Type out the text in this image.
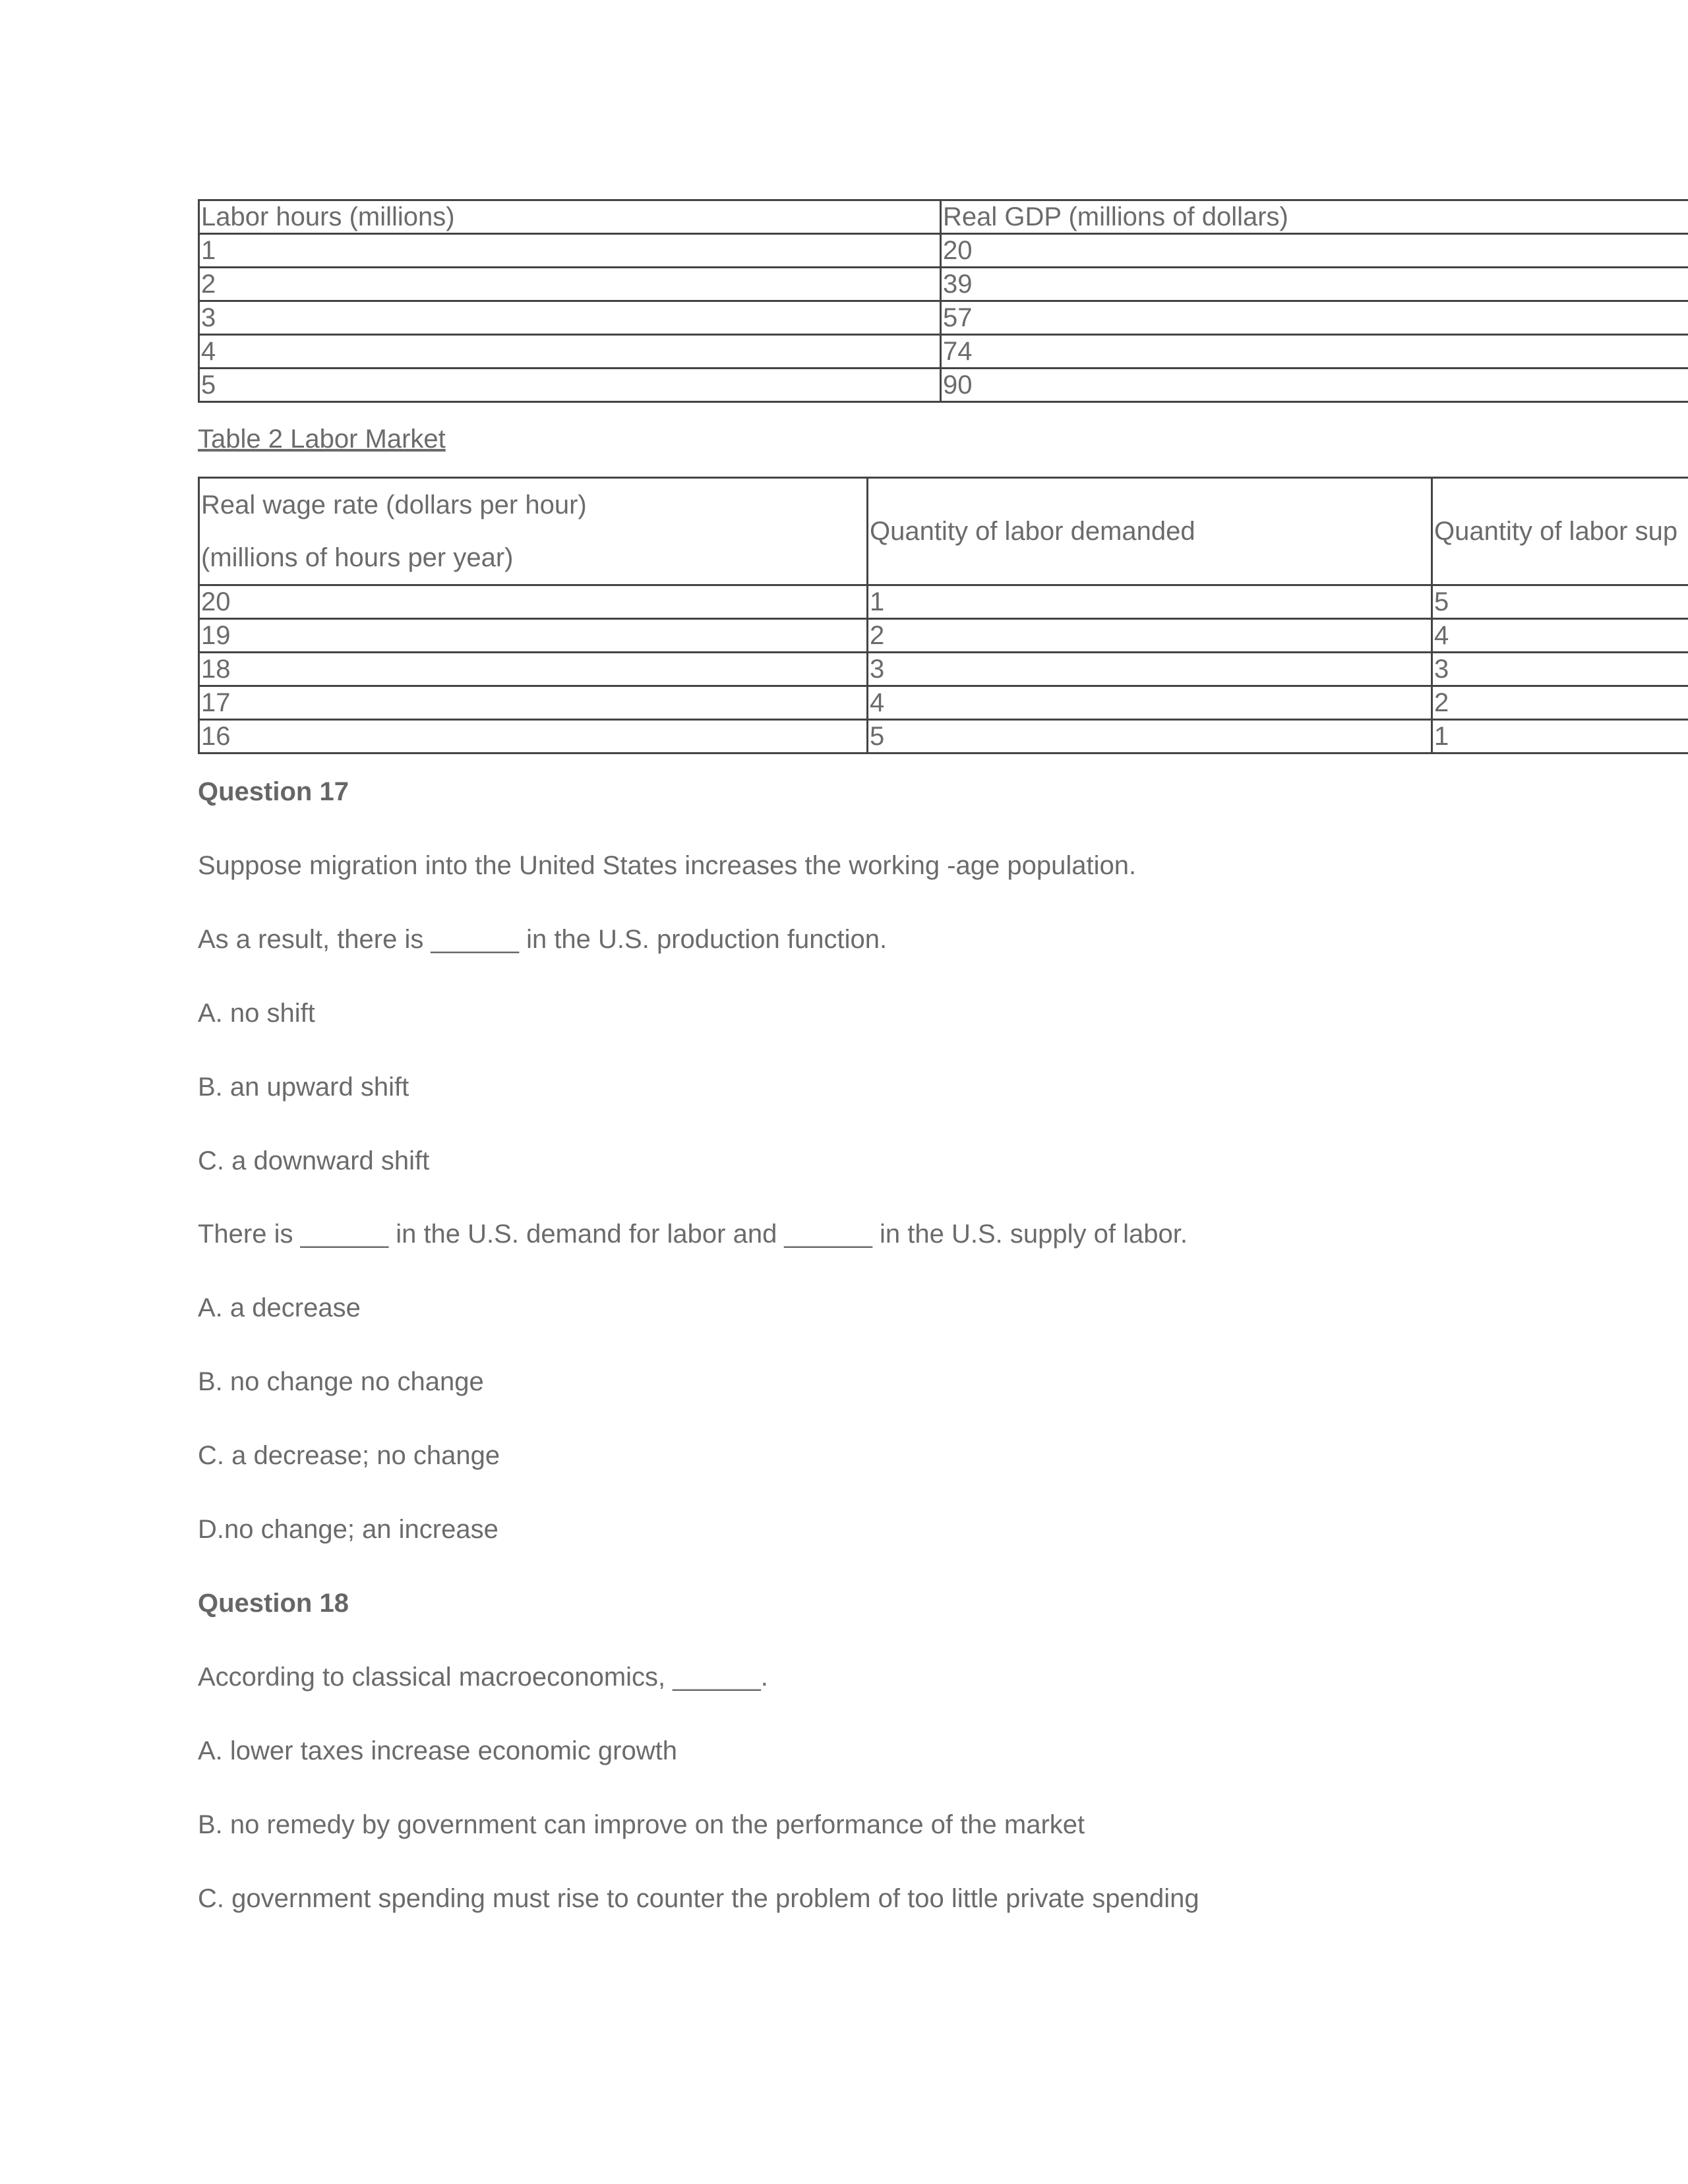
Labor hours (millions)	Real GDP (millions of dollars)
1	20
2	39
3	57
4	74
5	90
Table 2 Labor Market
Real wage rate (dollars per hour)
(millions of hours per year)	Quantity of labor demanded	Quantity of labor sup
20	1	5
19	2	4
18	3	3
17	4	2
16	5	1
Question 17
Suppose migration into the United States increases the working -age population.
As a result, there is ______ in the U.S. production function.
A. no shift
B. an upward shift
C. a downward shift
There is ______ in the U.S. demand for labor and ______ in the U.S. supply of labor.
A. a decrease
B. no change no change
C. a decrease; no change
D.no change; an increase
Question 18
According to classical macroeconomics, ______.
A. lower taxes increase economic growth
B. no remedy by government can improve on the performance of the market
C. government spending must rise to counter the problem of too little private spending
